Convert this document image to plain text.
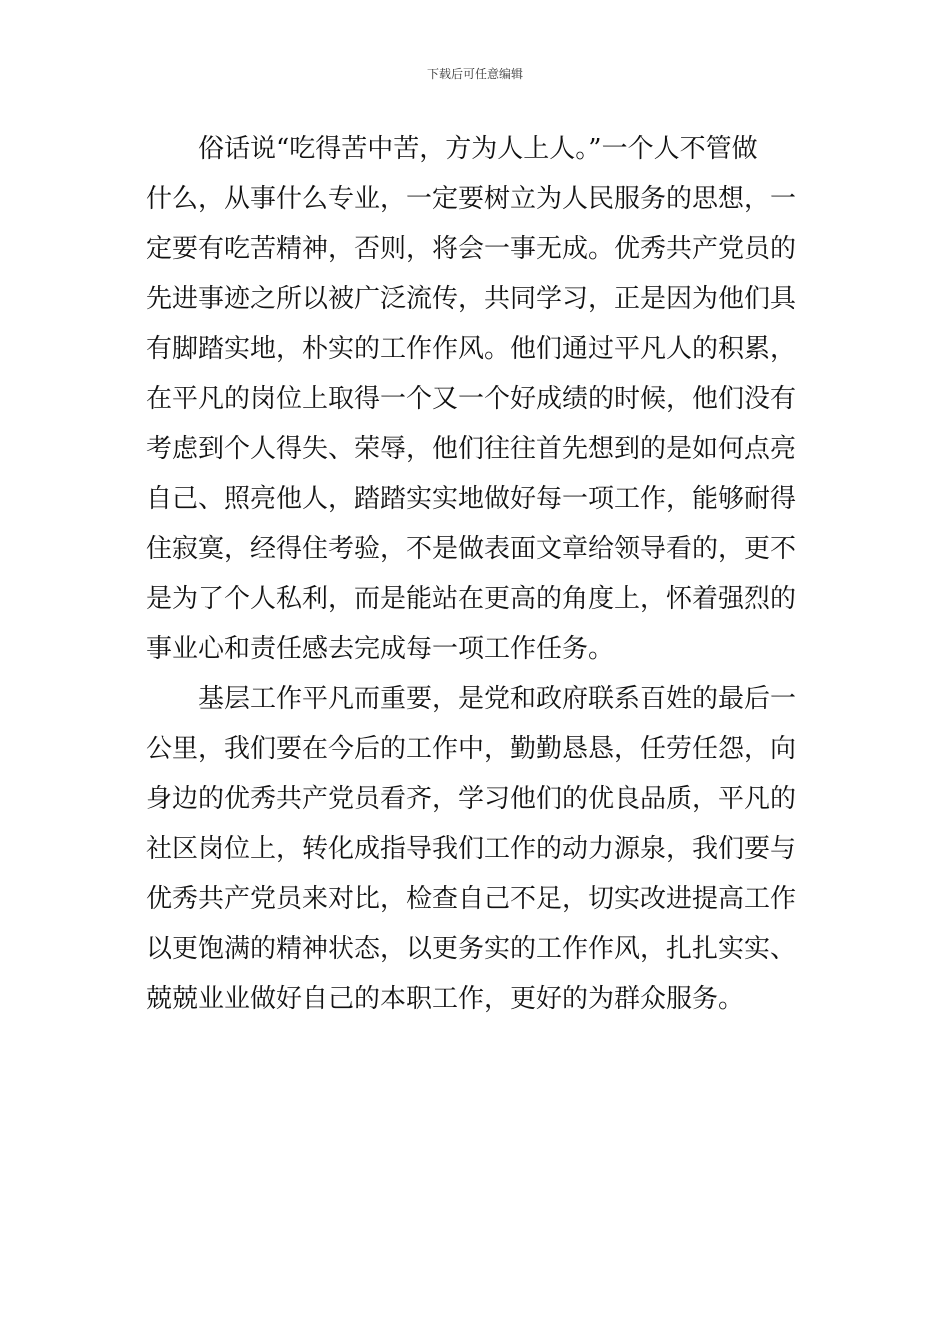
下载后可任意编辑
俗话说“吃得苦中苦，方为人上人。”一个人不管做
什么，从事什么专业，一定要树立为人民服务的思想，一
定要有吃苦精神，否则，将会一事无成。优秀共产党员的
先进事迹之所以被广泛流传，共同学习，正是因为他们具
有脚踏实地，朴实的工作作风。他们通过平凡人的积累，
在平凡的岗位上取得一个又一个好成绩的时候，他们没有
考虑到个人得失、荣辱，他们往往首先想到的是如何点亮
自己、照亮他人，踏踏实实地做好每一项工作，能够耐得
住寂寞，经得住考验，不是做表面文章给领导看的，更不
是为了个人私利，而是能站在更高的角度上，怀着强烈的
事业心和责任感去完成每一项工作任务。
基层工作平凡而重要，是党和政府联系百姓的最后一
公里，我们要在今后的工作中，勤勤恳恳，任劳任怨，向
身边的优秀共产党员看齐，学习他们的优良品质，平凡的
社区岗位上，转化成指导我们工作的动力源泉，我们要与
优秀共产党员来对比，检查自己不足，切实改进提高工作
以更饱满的精神状态，以更务实的工作作风，扎扎实实、
兢兢业业做好自己的本职工作，更好的为群众服务。
